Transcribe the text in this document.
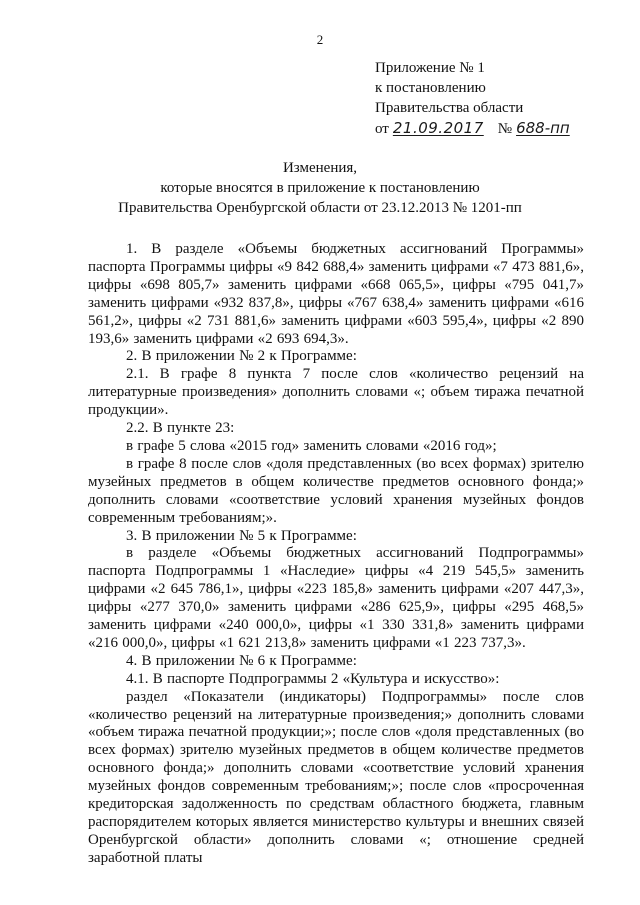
2
Приложение № 1
к постановлению
Правительства области
от 21.09.2017 № 688-пп
Изменения,
которые вносятся в приложение к постановлению
Правительства Оренбургской области от 23.12.2013 № 1201-пп

1. В разделе «Объемы бюджетных ассигнований Программы» паспорта Программы цифры «9 842 688,4» заменить цифрами «7 473 881,6», цифры «698 805,7» заменить цифрами «668 065,5», цифры «795 041,7» заменить цифрами «932 837,8», цифры «767 638,4» заменить цифрами «616 561,2», цифры «2 731 881,6» заменить цифрами «603 595,4», цифры «2 890 193,6» заменить цифрами «2 693 694,3».

2. В приложении № 2 к Программе:

2.1. В графе 8 пункта 7 после слов «количество рецензий на литературные произведения» дополнить словами «; объем тиража печатной продукции».

2.2. В пункте 23:

в графе 5 слова «2015 год» заменить словами «2016 год»;

в графе 8 после слов «доля представленных (во всех формах) зрителю музейных предметов в общем количестве предметов основного фонда;» дополнить словами «соответствие условий хранения музейных фондов современным требованиям;».

3. В приложении № 5 к Программе:

в разделе «Объемы бюджетных ассигнований Подпрограммы» паспорта Подпрограммы 1 «Наследие» цифры «4 219 545,5» заменить цифрами «2 645 786,1», цифры «223 185,8» заменить цифрами «207 447,3», цифры «277 370,0» заменить цифрами «286 625,9», цифры «295 468,5» заменить цифрами «240 000,0», цифры «1 330 331,8» заменить цифрами «216 000,0», цифры «1 621 213,8» заменить цифрами «1 223 737,3».

4. В приложении № 6 к Программе:

4.1. В паспорте Подпрограммы 2 «Культура и искусство»:

раздел «Показатели (индикаторы) Подпрограммы» после слов «количество рецензий на литературные произведения;» дополнить словами «объем тиража печатной продукции;»; после слов «доля представленных (во всех формах) зрителю музейных предметов в общем количестве предметов основного фонда;» дополнить словами «соответствие условий хранения музейных фондов современным требованиям;»; после слов «просроченная кредиторская задолженность по средствам областного бюджета, главным распорядителем которых является министерство культуры и внешних связей Оренбургской области» дополнить словами «; отношение средней заработной платы
